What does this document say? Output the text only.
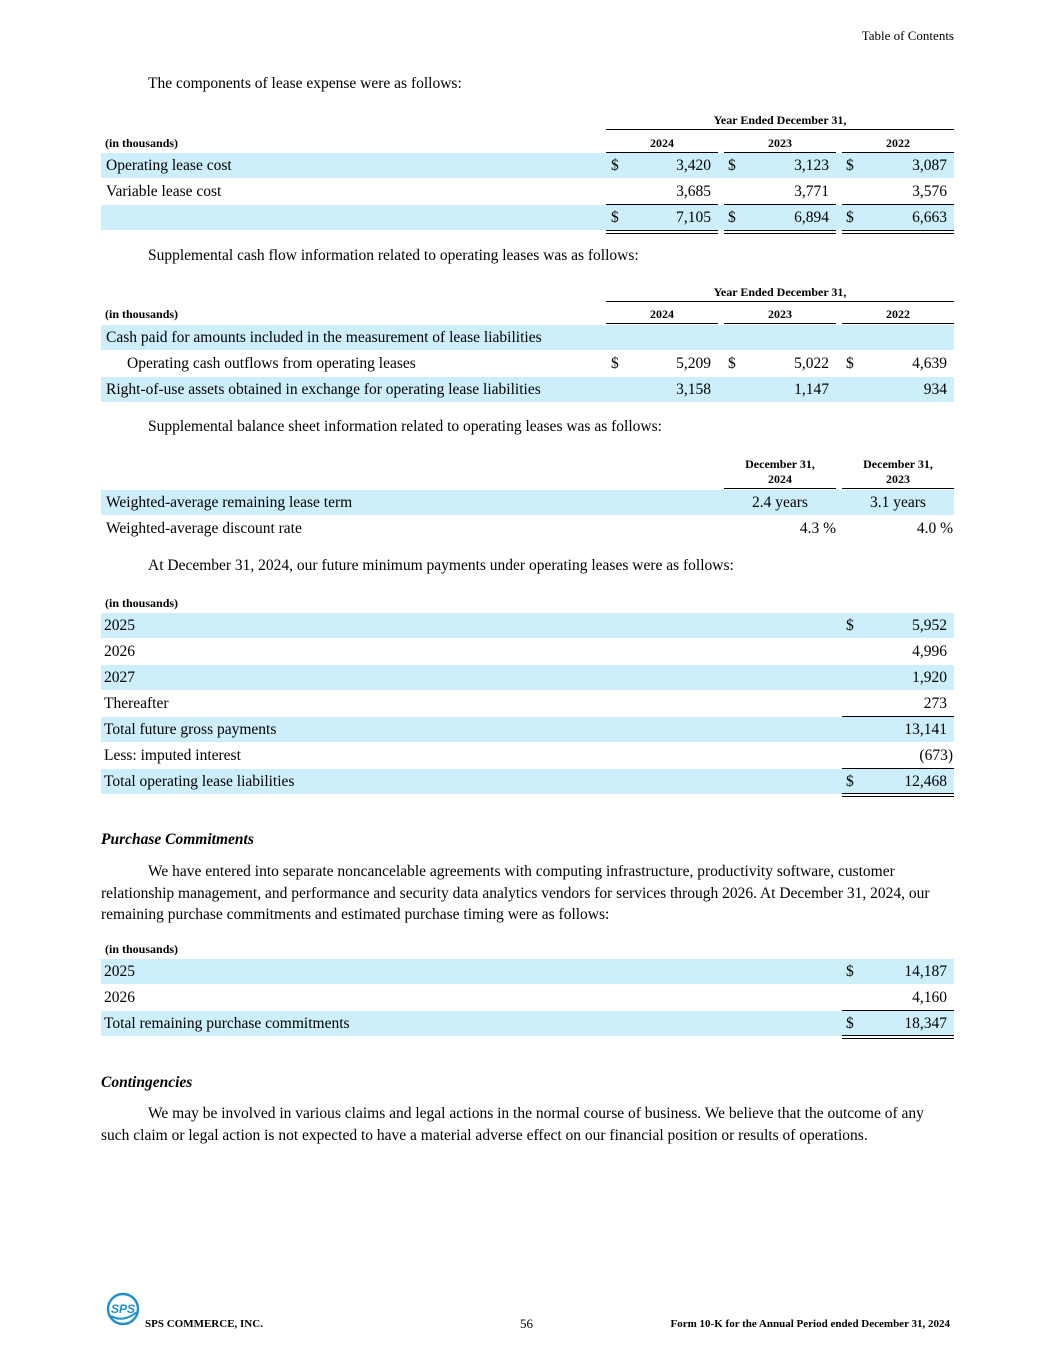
Table of Contents
The components of lease expense were as follows:
Year Ended December 31,
(in thousands)	2024	2023	2022
Operating lease cost	$	3,420 $	3,123 $	3,087
Variable lease cost	3,685	3,771	3,576
$	7,105 $	6,894 $	6,663
Supplemental cash flow information related to operating leases was as follows:
Year Ended December 31,
(in thousands)	2024	2023	2022
Cash paid for amounts included in the measurement of lease liabilities
Operating cash outflows from operating leases	$	5,209 $	5,022 $	4,639
Right-of-use assets obtained in exchange for operating lease liabilities	3,158	1,147	934
Supplemental balance sheet information related to operating leases was as follows:
December 31,
2024
December 31,
2023
Weighted-average remaining lease term	2.4 years	3.1 years
Weighted-average discount rate	4.3 %	4.0 %
At December 31, 2024, our future minimum payments under operating leases were as follows:
(in thousands)
2025	$	5,952
2026	4,996
2027	1,920
Thereafter	273
Total future gross payments	13,141
Less: imputed interest	(673)
Total operating lease liabilities	$	12,468
Purchase Commitments
We have entered into separate noncancelable agreements with computing infrastructure, productivity software, customer relationship management, and performance and security data analytics vendors for services through 2026. At December 31, 2024, our remaining purchase commitments and estimated purchase timing were as follows:
(in thousands)
2025	$	14,187
2026	4,160
Total remaining purchase commitments	$	18,347
Contingencies
We may be involved in various claims and legal actions in the normal course of business. We believe that the outcome of any such claim or legal action is not expected to have a material adverse effect on our financial position or results of operations.
SPS
SPS COMMERCE, INC.	56	Form 10-K for the Annual Period ended December 31, 2024
